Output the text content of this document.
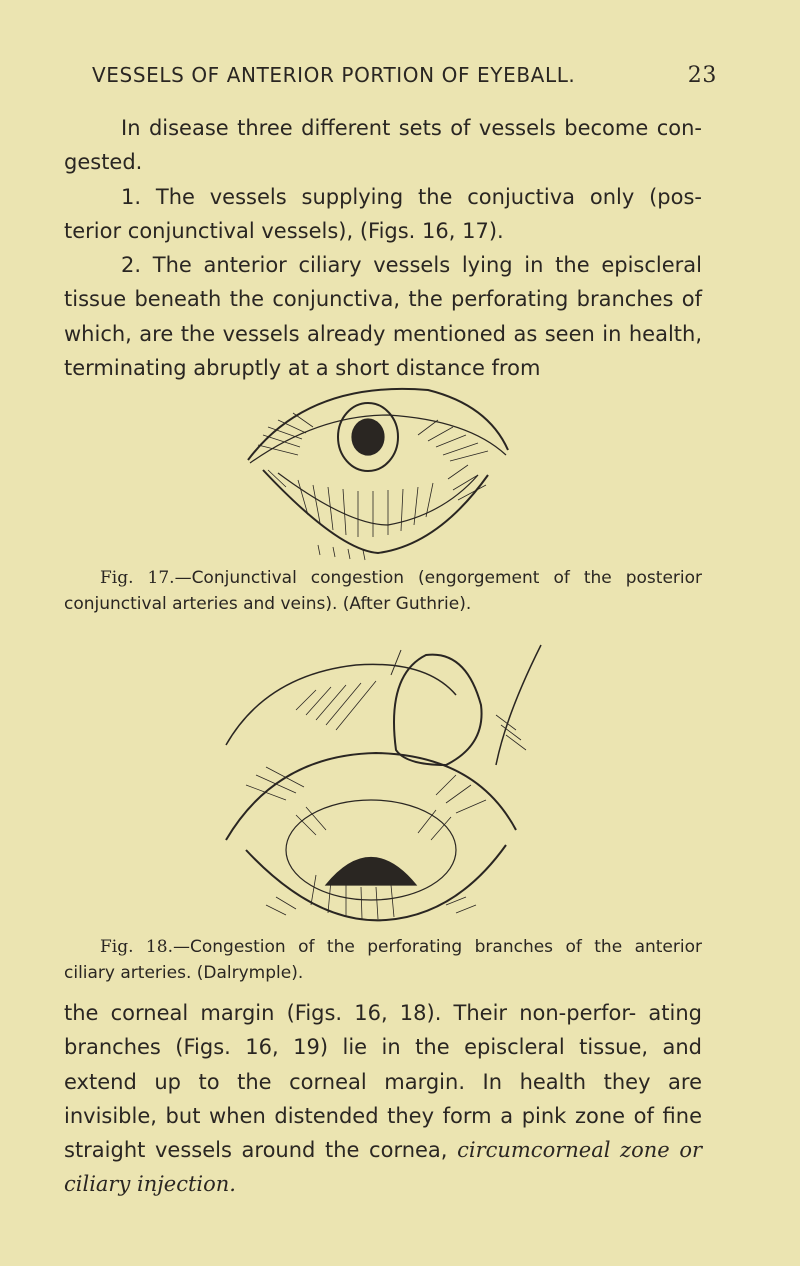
VESSELS OF ANTERIOR PORTION OF EYEBALL.	23

In disease three different sets of vessels become con- gested.

1. The vessels supplying the conjuctiva only (pos- terior conjunctival vessels), (Figs. 16, 17).

2. The anterior ciliary vessels lying in the episcleral tissue beneath the conjunctiva, the perforating branches of which, are the vessels already mentioned as seen in health, terminating abruptly at a short distance from

Fig. 17.—Conjunctival congestion (engorgement of the posterior conjunctival arteries and veins). (After Guthrie).
Fig. 18.—Congestion of the perforating branches of the anterior ciliary arteries. (Dalrymple).

the corneal margin (Figs. 16, 18). Their non-perfor- ating branches (Figs. 16, 19) lie in the episcleral tissue, and extend up to the corneal margin. In health they are invisible, but when distended they form a pink zone of fine straight vessels around the cornea, circumcorneal zone or ciliary injection.
